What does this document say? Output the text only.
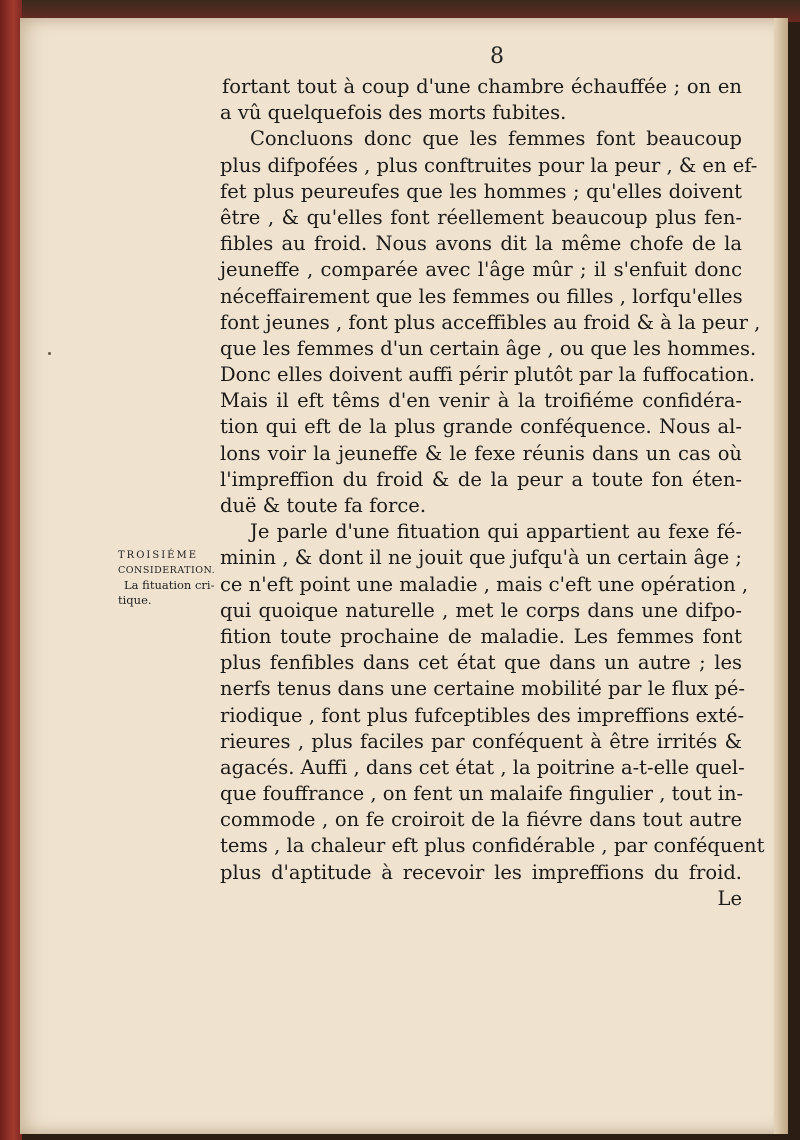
8
TROISIÉME
CONSIDERATION.
La fituation cri-
tique.
fortant tout à coup d'une chambre échauffée ; on en
a vû quelquefois des morts fubites.
Concluons donc que les femmes font beaucoup
plus difpofées , plus conftruites pour la peur , & en ef-
fet plus peureufes que les hommes ; qu'elles doivent
être , & qu'elles font réellement beaucoup plus fen-
fibles au froid. Nous avons dit la même chofe de la
jeuneffe , comparée avec l'âge mûr ; il s'enfuit donc
néceffairement que les femmes ou filles , lorfqu'elles
font jeunes , font plus acceffibles au froid & à la peur ,
que les femmes d'un certain âge , ou que les hommes.
Donc elles doivent auffi périr plutôt par la fuffocation.
Mais il eft têms d'en venir à la troifiéme confidéra-
tion qui eft de la plus grande conféquence. Nous al-
lons voir la jeuneffe & le fexe réunis dans un cas où
l'impreffion du froid & de la peur a toute fon éten-
duë & toute fa force.
Je parle d'une fituation qui appartient au fexe fé-
minin , & dont il ne jouit que jufqu'à un certain âge ;
ce n'eft point une maladie , mais c'eft une opération ,
qui quoique naturelle , met le corps dans une difpo-
fition toute prochaine de maladie. Les femmes font
plus fenfibles dans cet état que dans un autre ; les
nerfs tenus dans une certaine mobilité par le flux pé-
riodique , font plus fufceptibles des impreffions exté-
rieures , plus faciles par conféquent à être irrités &
agacés. Auffi , dans cet état , la poitrine a-t-elle quel-
que fouffrance , on fent un malaife fingulier , tout in-
commode , on fe croiroit de la fiévre dans tout autre
tems , la chaleur eft plus confidérable , par conféquent
plus d'aptitude à recevoir les impreffions du froid.
Le
